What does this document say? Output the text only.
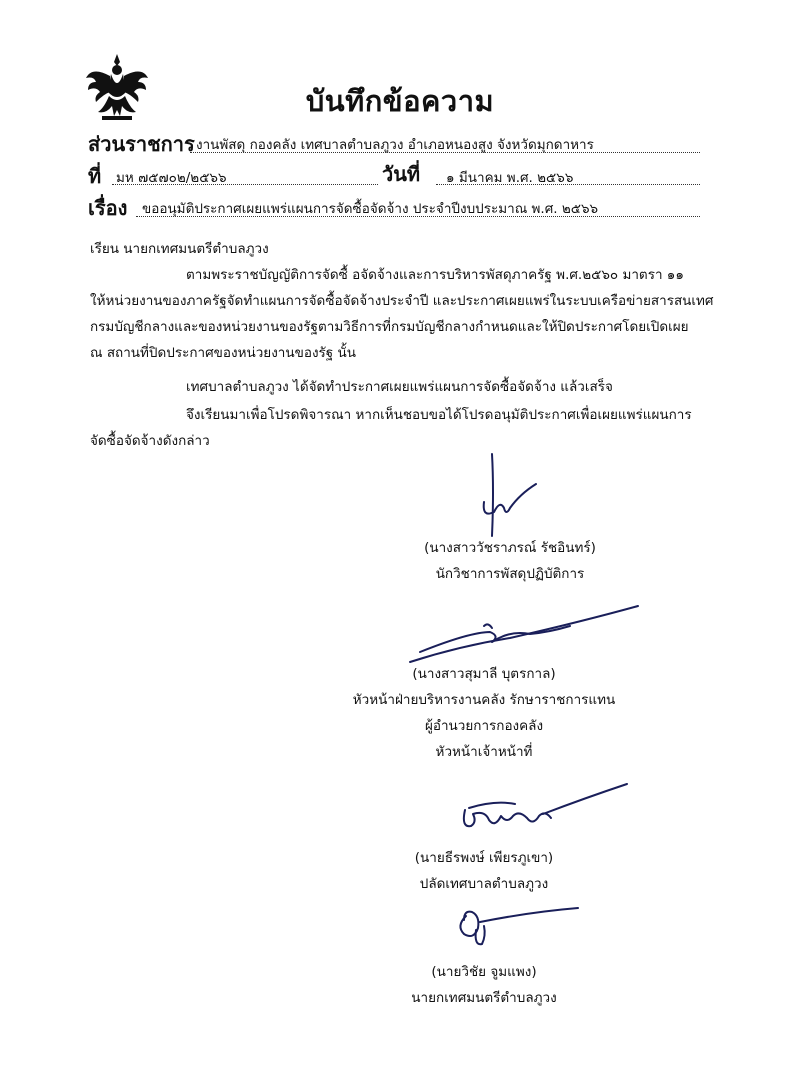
บันทึกข้อความ
ส่วนราชการ งานพัสดุ กองคลัง เทศบาลตำบลภูวง อำเภอหนองสูง จังหวัดมุกดาหาร
ที่ มห ๗๕๗๐๒/๒๕๖๖	วันที่ ๑ มีนาคม พ.ศ. ๒๕๖๖
เรื่อง ขออนุมัติประกาศเผยแพร่แผนการจัดซื้อจัดจ้าง ประจำปีงบประมาณ พ.ศ. ๒๕๖๖
เรียน นายกเทศมนตรีตำบลภูวง
ตามพระราชบัญญัติการจัดซื้ อจัดจ้างและการบริหารพัสดุภาครัฐ พ.ศ.๒๕๖๐ มาตรา ๑๑
ให้หน่วยงานของภาครัฐจัดทำแผนการจัดซื้อจัดจ้างประจำปี และประกาศเผยแพร่ในระบบเครือข่ายสารสนเทศ
กรมบัญชีกลางและของหน่วยงานของรัฐตามวิธีการที่กรมบัญชีกลางกำหนดและให้ปิดประกาศโดยเปิดเผย
ณ สถานที่ปิดประกาศของหน่วยงานของรัฐ นั้น
เทศบาลตำบลภูวง ได้จัดทำประกาศเผยแพร่แผนการจัดซื้อจัดจ้าง แล้วเสร็จ
จึงเรียนมาเพื่อโปรดพิจารณา หากเห็นชอบขอได้โปรดอนุมัติประกาศเพื่อเผยแพร่แผนการ
จัดซื้อจัดจ้างดังกล่าว
(นางสาววัชราภรณ์ รัชอินทร์)
นักวิชาการพัสดุปฏิบัติการ
(นางสาวสุมาลี บุตรกาล)
หัวหน้าฝ่ายบริหารงานคลัง รักษาราชการแทน
ผู้อำนวยการกองคลัง
หัวหน้าเจ้าหน้าที่
(นายธีรพงษ์ เพียรภูเขา)
ปลัดเทศบาลตำบลภูวง
(นายวิชัย จูมแพง)
นายกเทศมนตรีตำบลภูวง
